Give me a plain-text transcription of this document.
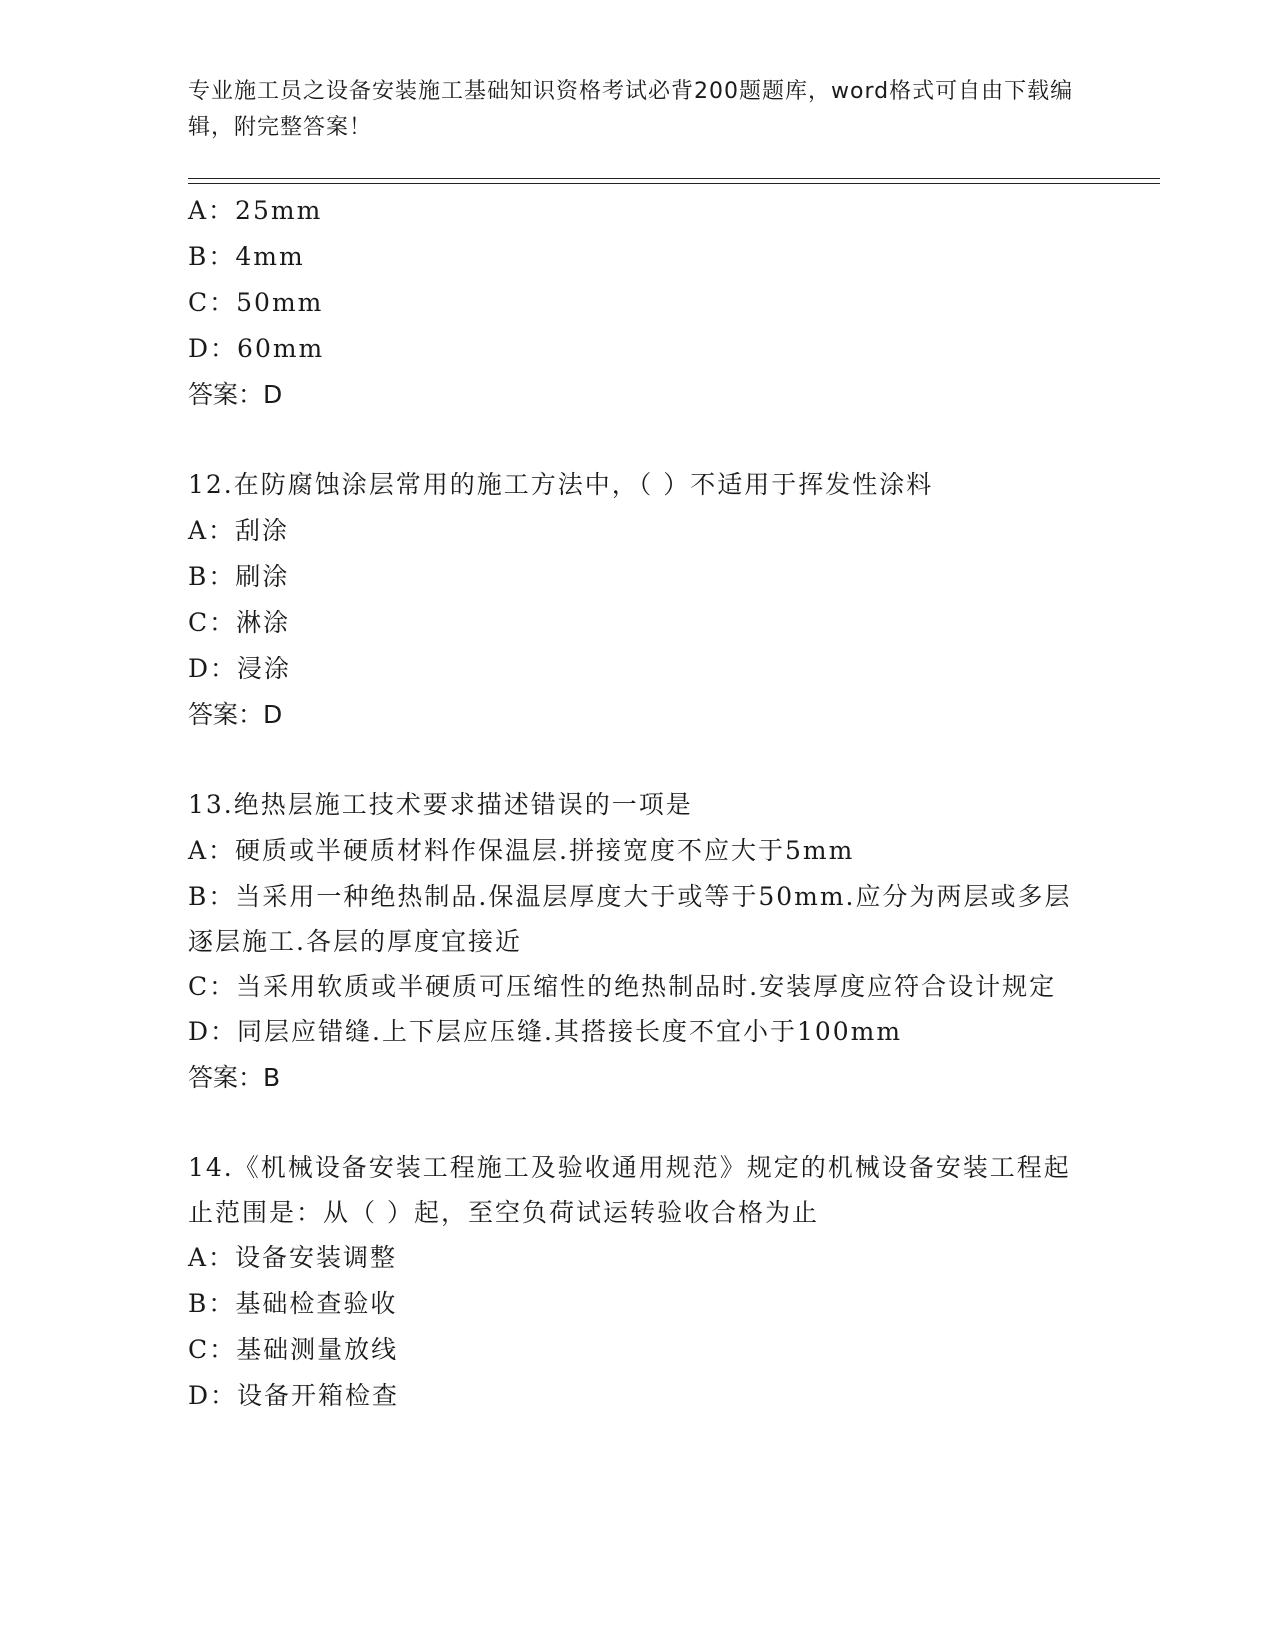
专业施工员之设备安装施工基础知识资格考试必背200题题库，word格式可自由下载编辑，附完整答案！
A：25mm
B：4mm
C：50mm
D：60mm
答案：D
12.在防腐蚀涂层常用的施工方法中，（ ）不适用于挥发性涂料
A：刮涂
B：刷涂
C：淋涂
D：浸涂
答案：D
13.绝热层施工技术要求描述错误的一项是
A：硬质或半硬质材料作保温层.拼接宽度不应大于5mm
B：当采用一种绝热制品.保温层厚度大于或等于50mm.应分为两层或多层逐层施工.各层的厚度宜接近
C：当采用软质或半硬质可压缩性的绝热制品时.安装厚度应符合设计规定
D：同层应错缝.上下层应压缝.其搭接长度不宜小于100mm
答案：B
14.《机械设备安装工程施工及验收通用规范》规定的机械设备安装工程起止范围是：从（ ）起，至空负荷试运转验收合格为止
A：设备安装调整
B：基础检查验收
C：基础测量放线
D：设备开箱检查
